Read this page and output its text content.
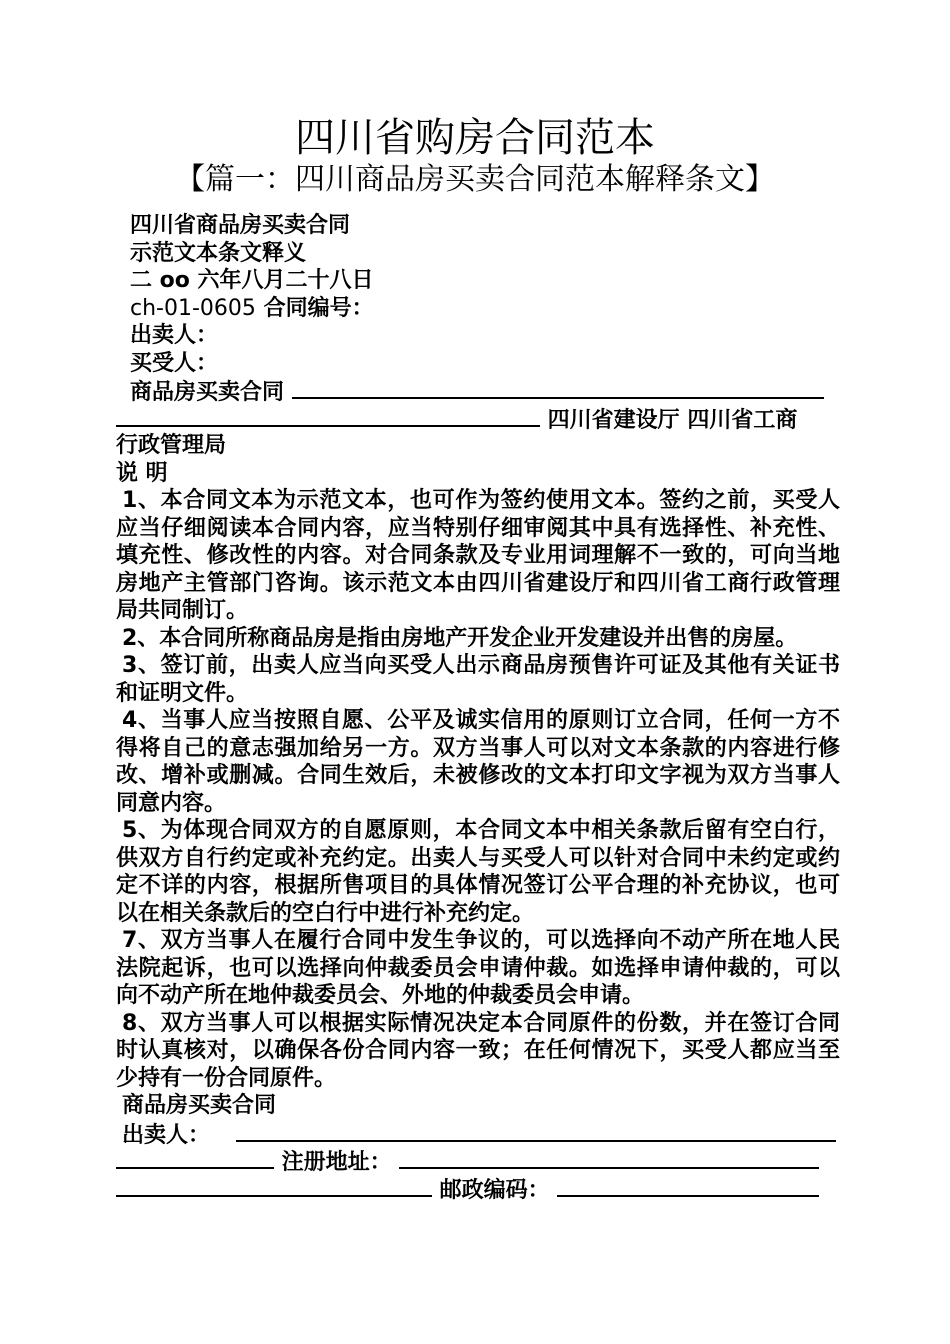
四川省购房合同范本
【篇一：四川商品房买卖合同范本解释条文】
四川省商品房买卖合同
示范文本条文释义
二 oo 六年八月二十八日
ch-01-0605 合同编号：
出卖人：
买受人：
商品房买卖合同
四川省建设厅 四川省工商
行政管理局
说 明
1、本合同文本为示范文本，也可作为签约使用文本。签约之前，买受人应当仔细阅读本合同内容，应当特别仔细审阅其中具有选择性、补充性、填充性、修改性的内容。对合同条款及专业用词理解不一致的，可向当地房地产主管部门咨询。该示范文本由四川省建设厅和四川省工商行政管理局共同制订。
2、本合同所称商品房是指由房地产开发企业开发建设并出售的房屋。
3、签订前，出卖人应当向买受人出示商品房预售许可证及其他有关证书和证明文件。
4、当事人应当按照自愿、公平及诚实信用的原则订立合同，任何一方不得将自己的意志强加给另一方。双方当事人可以对文本条款的内容进行修改、增补或删减。合同生效后，未被修改的文本打印文字视为双方当事人同意内容。
5、为体现合同双方的自愿原则，本合同文本中相关条款后留有空白行，供双方自行约定或补充约定。出卖人与买受人可以针对合同中未约定或约定不详的内容，根据所售项目的具体情况签订公平合理的补充协议，也可以在相关条款后的空白行中进行补充约定。
7、双方当事人在履行合同中发生争议的，可以选择向不动产所在地人民法院起诉，也可以选择向仲裁委员会申请仲裁。如选择申请仲裁的，可以向不动产所在地仲裁委员会、外地的仲裁委员会申请。
8、双方当事人可以根据实际情况决定本合同原件的份数，并在签订合同时认真核对，以确保各份合同内容一致；在任何情况下，买受人都应当至少持有一份合同原件。
商品房买卖合同
出卖人：
注册地址：
邮政编码：
